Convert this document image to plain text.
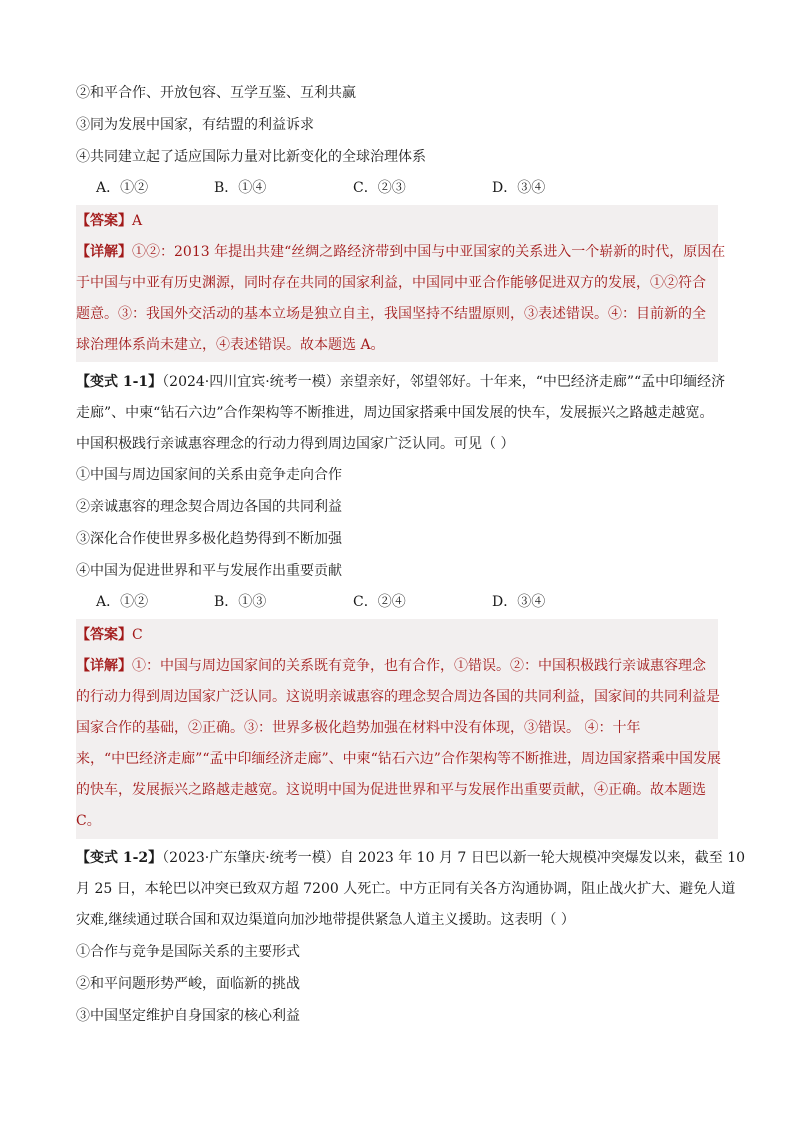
②和平合作、开放包容、互学互鉴、互利共赢
③同为发展中国家，有结盟的利益诉求
④共同建立起了适应国际力量对比新变化的全球治理体系
A．①②	B．①④	C．②③	D．③④
【答案】A
【详解】①②：2013 年提出共建“丝绸之路经济带到中国与中亚国家的关系进入一个崭新的时代，原因在
于中国与中亚有历史渊源，同时存在共同的国家利益，中国同中亚合作能够促进双方的发展，①②符合
题意。③：我国外交活动的基本立场是独立自主，我国坚持不结盟原则，③表述错误。④：目前新的全
球治理体系尚未建立，④表述错误。故本题选 A。
【变式 1-1】（2024·四川宜宾·统考一模）亲望亲好，邻望邻好。十年来，“中巴经济走廊”“孟中印缅经济
走廊”、中柬“钻石六边”合作架构等不断推进，周边国家搭乘中国发展的快车，发展振兴之路越走越宽。
中国积极践行亲诚惠容理念的行动力得到周边国家广泛认同。可见（ ）
①中国与周边国家间的关系由竞争走向合作
②亲诚惠容的理念契合周边各国的共同利益
③深化合作使世界多极化趋势得到不断加强
④中国为促进世界和平与发展作出重要贡献
A．①②	B．①③	C．②④	D．③④
【答案】C
【详解】①：中国与周边国家间的关系既有竞争，也有合作，①错误。②：中国积极践行亲诚惠容理念
的行动力得到周边国家广泛认同。这说明亲诚惠容的理念契合周边各国的共同利益，国家间的共同利益是
国家合作的基础，②正确。③：世界多极化趋势加强在材料中没有体现，③错误。 ④：十年
来，“中巴经济走廊”“孟中印缅经济走廊”、中柬“钻石六边”合作架构等不断推进，周边国家搭乘中国发展
的快车，发展振兴之路越走越宽。这说明中国为促进世界和平与发展作出重要贡献，④正确。故本题选
C。
【变式 1-2】（2023·广东肇庆·统考一模）自 2023 年 10 月 7 日巴以新一轮大规模冲突爆发以来，截至 10
月 25 日，本轮巴以冲突已致双方超 7200 人死亡。中方正同有关各方沟通协调，阻止战火扩大、避免人道
灾难,继续通过联合国和双边渠道向加沙地带提供紧急人道主义援助。这表明（ ）
①合作与竞争是国际关系的主要形式
②和平问题形势严峻，面临新的挑战
③中国坚定维护自身国家的核心利益
